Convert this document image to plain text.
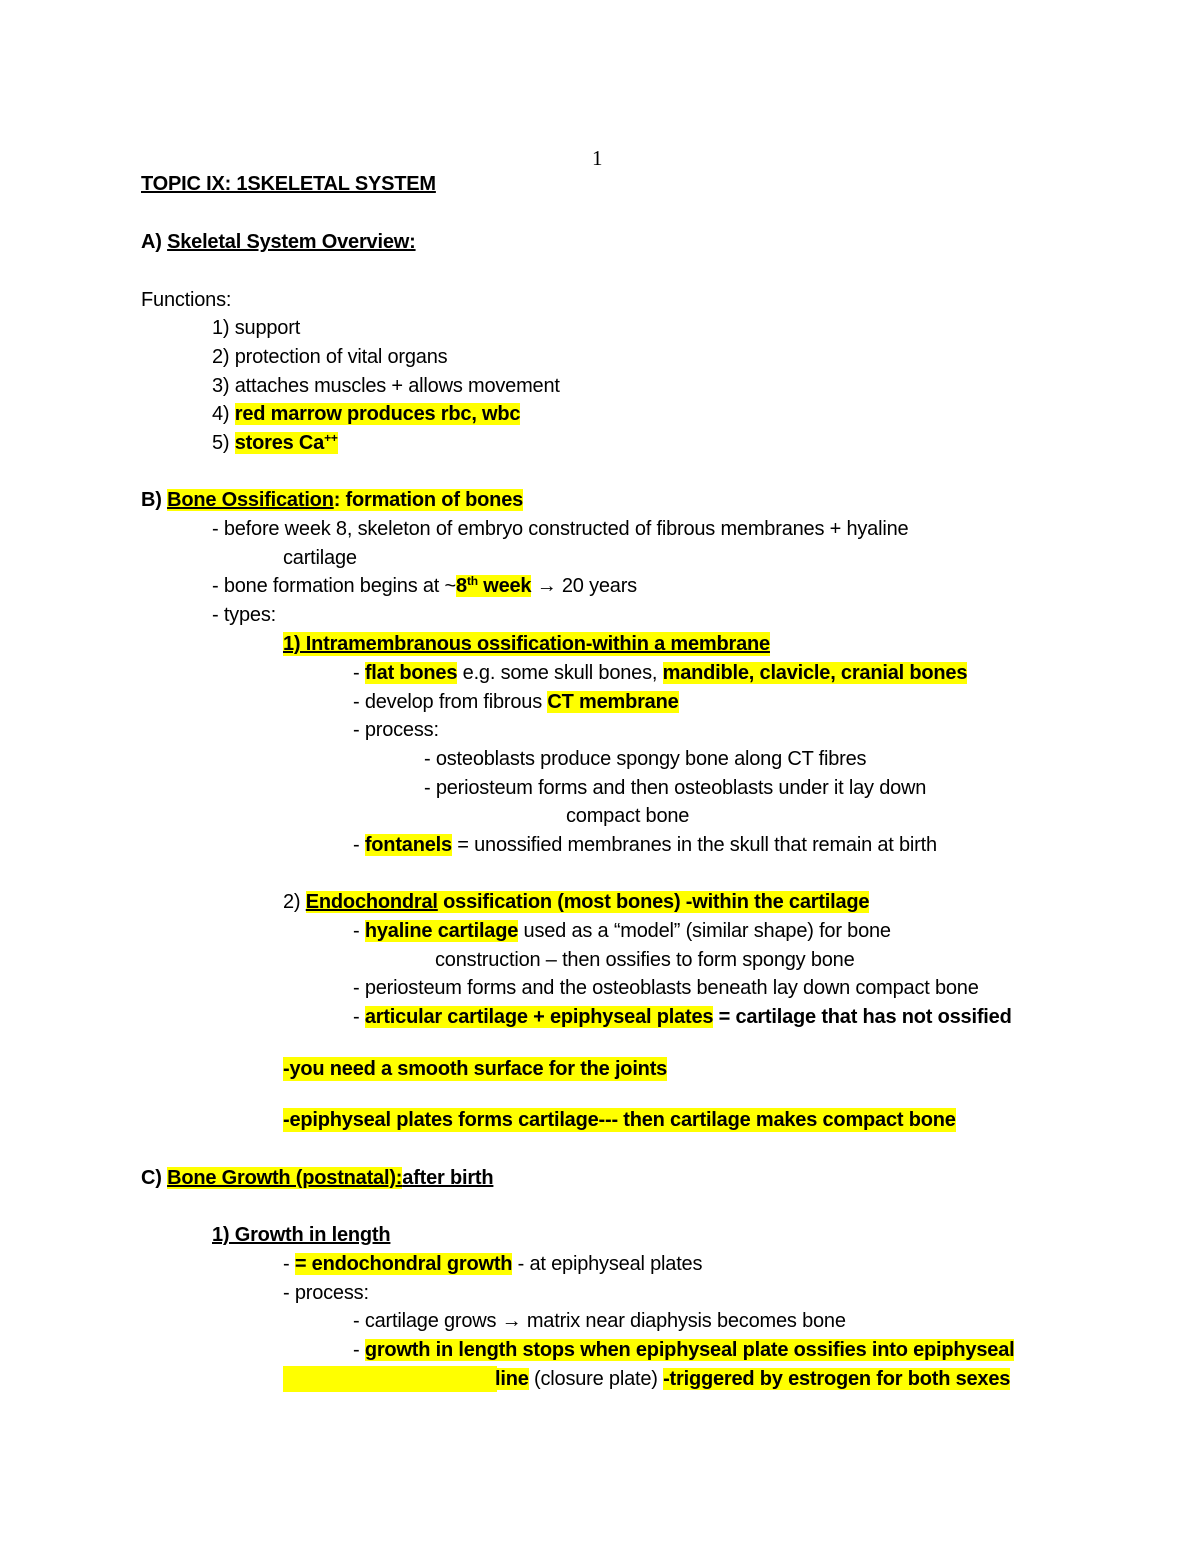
1
TOPIC IX: 1SKELETAL SYSTEM
A) Skeletal System Overview:
Functions:
1) support
2) protection of vital organs
3) attaches muscles + allows movement
4) red marrow produces rbc, wbc
5) stores Ca++
B) Bone Ossification: formation of bones
- before week 8, skeleton of embryo constructed of fibrous membranes + hyaline
cartilage
- bone formation begins at ~8th week → 20 years
- types:
1) Intramembranous ossification-within a membrane
- flat bones e.g. some skull bones, mandible, clavicle, cranial bones
- develop from fibrous CT membrane
- process:
- osteoblasts produce spongy bone along CT fibres
- periosteum forms and then osteoblasts under it lay down
compact bone
- fontanels = unossified membranes in the skull that remain at birth
2) Endochondral ossification (most bones) -within the cartilage
- hyaline cartilage used as a “model” (similar shape) for bone
construction – then ossifies to form spongy bone
- periosteum forms and the osteoblasts beneath lay down compact bone
- articular cartilage + epiphyseal plates = cartilage that has not ossified
-you need a smooth surface for the joints
-epiphyseal plates forms cartilage--- then cartilage makes compact bone
C) Bone Growth (postnatal):after birth
1) Growth in length
- = endochondral growth - at epiphyseal plates
- process:
- cartilage grows → matrix near diaphysis becomes bone
- growth in length stops when epiphyseal plate ossifies into epiphyseal
line (closure plate) -triggered by estrogen for both sexes
